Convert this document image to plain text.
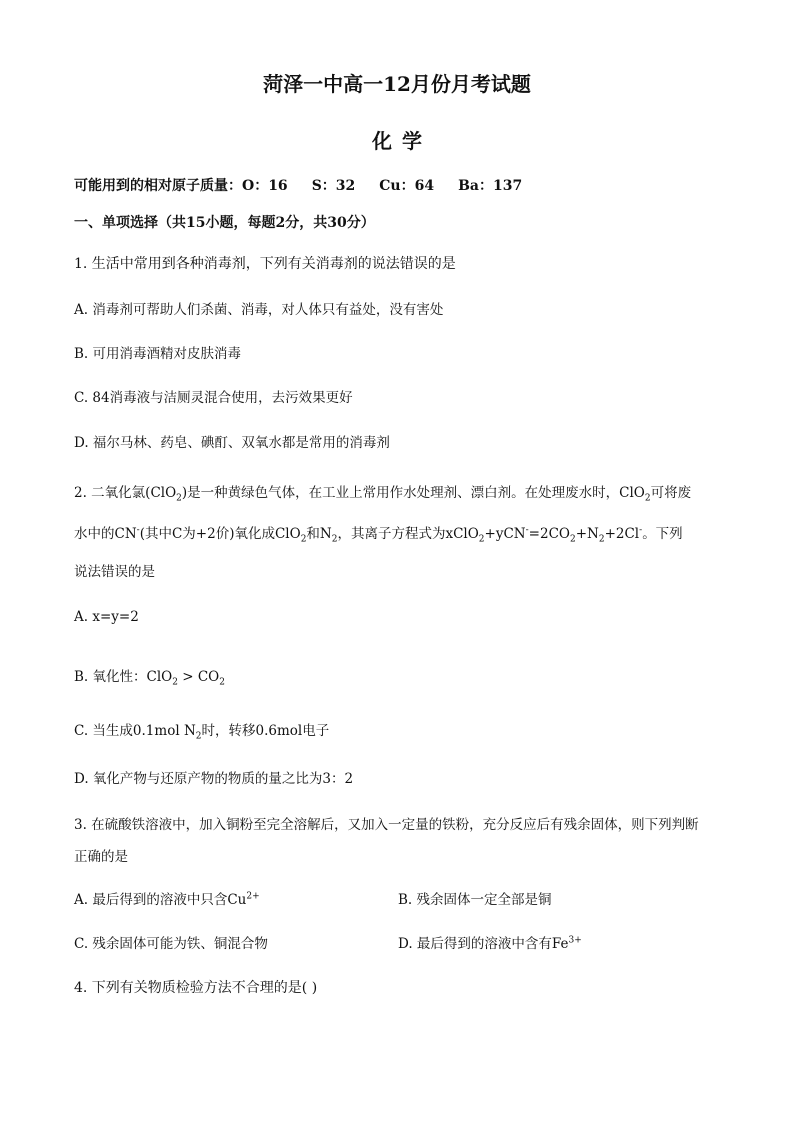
菏泽一中高一12月份月考试题
化学
可能用到的相对原子质量：O：16 S：32 Cu：64 Ba：137
一、单项选择（共15小题，每题2分，共30分）
1. 生活中常用到各种消毒剂，下列有关消毒剂的说法错误的是
A. 消毒剂可帮助人们杀菌、消毒，对人体只有益处，没有害处
B. 可用消毒酒精对皮肤消毒
C. 84消毒液与洁厕灵混合使用，去污效果更好
D. 福尔马林、药皂、碘酊、双氧水都是常用的消毒剂
2. 二氧化氯(ClO$_2$)是一种黄绿色气体，在工业上常用作水处理剂、漂白剂。在处理废水时，ClO$_2$可将废
水中的CN-(其中C为+2价)氧化成ClO$_2$和$N_2$，其离子方程式为$xClO_2+yCN^-=2CO_2+N_2+2Cl^-$。下列
说法错误的是
A. x=y=2
B. 氧化性：$ClO_2 > CO_2$
C. 当生成0.1mol $N_2$时，转移0.6mol电子
D. 氧化产物与还原产物的物质的量之比为3：2
3. 在硫酸铁溶液中，加入铜粉至完全溶解后，又加入一定量的铁粉，充分反应后有残余固体，则下列判断
正确的是
A. 最后得到的溶液中只含$Cu^{2+}$	B. 残余固体一定全部是铜
C. 残余固体可能为铁、铜混合物	D. 最后得到的溶液中含有$Fe^{3+}$
4. 下列有关物质检验方法不合理的是( )
